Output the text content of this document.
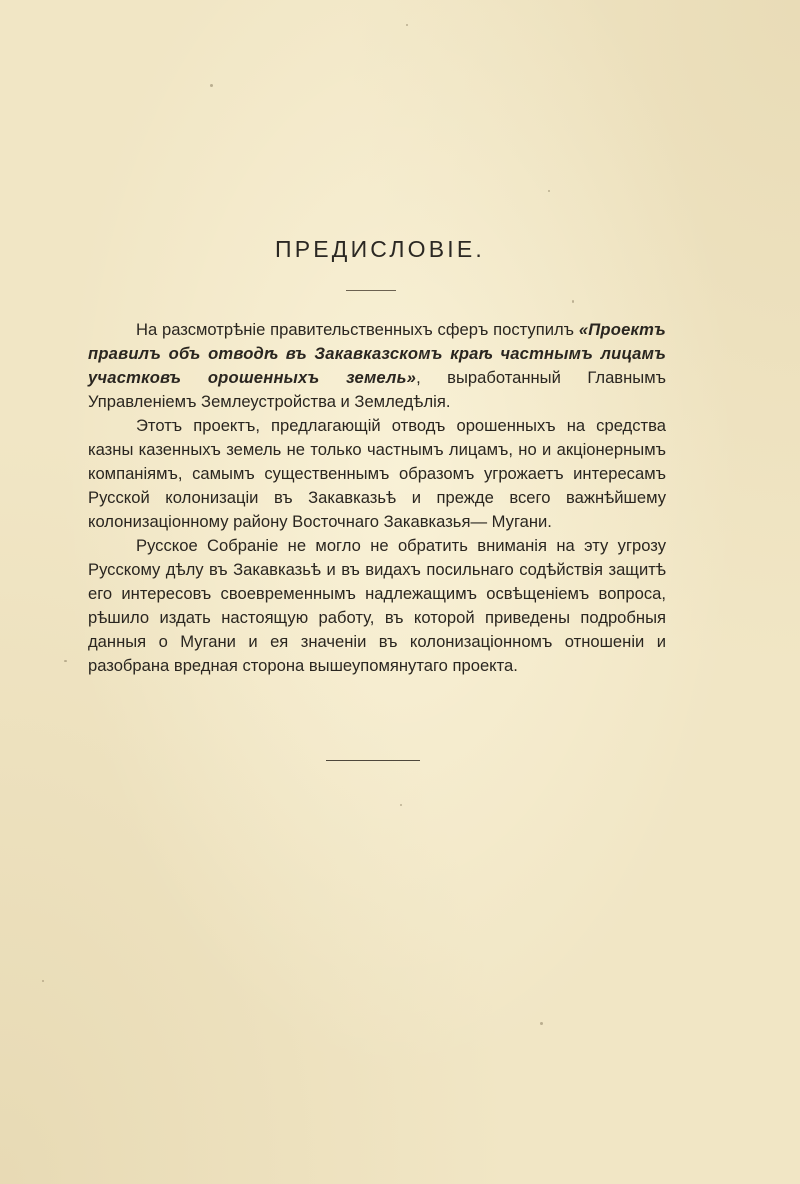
ПРЕДИСЛОВІЕ.

На разсмотрѣніе правительственныхъ сферъ поступилъ «Проектъ правилъ объ отводѣ въ Закавказскомъ краѣ частнымъ лицамъ участковъ орошенныхъ земель», выработанный Главнымъ Управленіемъ Землеустройства и Земледѣлія.

Этотъ проектъ, предлагающій отводъ орошенныхъ на средства казны казенныхъ земель не только частнымъ лицамъ, но и акціонернымъ компаніямъ, самымъ существеннымъ образомъ угрожаетъ интересамъ Русской колонизаціи въ Закавказьѣ и прежде всего важнѣйшему колонизаціонному району Восточнаго Закавказья— Мугани.

Русское Собраніе не могло не обратить вниманія на эту угрозу Русскому дѣлу въ Закавказьѣ и въ видахъ посильнаго содѣйствія защитѣ его интересовъ своевременнымъ надлежащимъ освѣщеніемъ вопроса, рѣшило издать настоящую работу, въ которой приведены подробныя данныя о Мугани и ея значеніи въ колонизаціонномъ отношеніи и разобрана вредная сторона вышеупомянутаго проекта.
